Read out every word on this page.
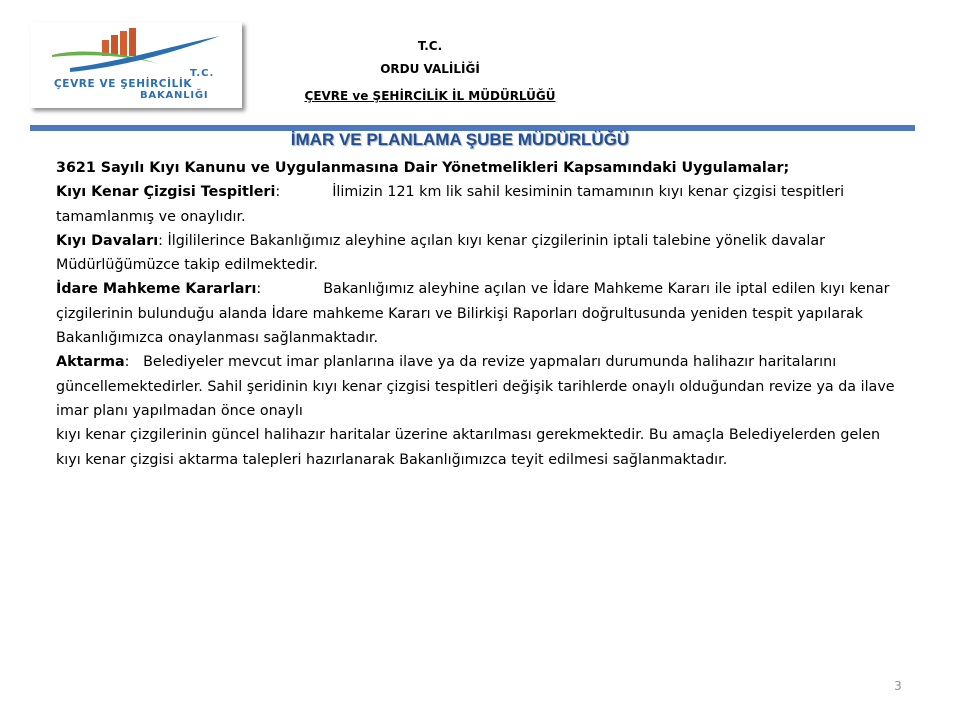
T.C.
ÇEVRE VE ŞEHİRCİLİK
BAKANLIĞI
T.C.
ORDU VALİLİĞİ
ÇEVRE ve ŞEHİRCİLİK İL MÜDÜRLÜĞÜ
İMAR VE PLANLAMA ŞUBE MÜDÜRLÜĞÜ

3621 Sayılı Kıyı Kanunu ve Uygulanmasına Dair Yönetmelikleri Kapsamındaki Uygulamalar;

Kıyı Kenar Çizgisi Tespitleri:	İlimizin 121 km lik sahil kesiminin tamamının kıyı kenar çizgisi tespitleri tamamlanmış ve onaylıdır.

Kıyı Davaları: İlgililerince Bakanlığımız aleyhine açılan kıyı kenar çizgilerinin iptali talebine yönelik davalar Müdürlüğümüzce takip edilmektedir.

İdare Mahkeme Kararları:	Bakanlığımız aleyhine açılan ve İdare Mahkeme Kararı ile iptal edilen kıyı kenar çizgilerinin bulunduğu alanda İdare mahkeme Kararı ve Bilirkişi Raporları doğrultusunda yeniden tespit yapılarak Bakanlığımızca onaylanması sağlanmaktadır.

Aktarma:   Belediyeler mevcut imar planlarına ilave ya da revize yapmaları durumunda halihazır haritalarını güncellemektedirler. Sahil şeridinin kıyı kenar çizgisi tespitleri değişik tarihlerde onaylı olduğundan revize ya da ilave imar planı yapılmadan önce onaylı

kıyı kenar çizgilerinin güncel halihazır haritalar üzerine aktarılması gerekmektedir. Bu amaçla Belediyelerden gelen kıyı kenar çizgisi aktarma talepleri hazırlanarak Bakanlığımızca teyit edilmesi sağlanmaktadır.

3
